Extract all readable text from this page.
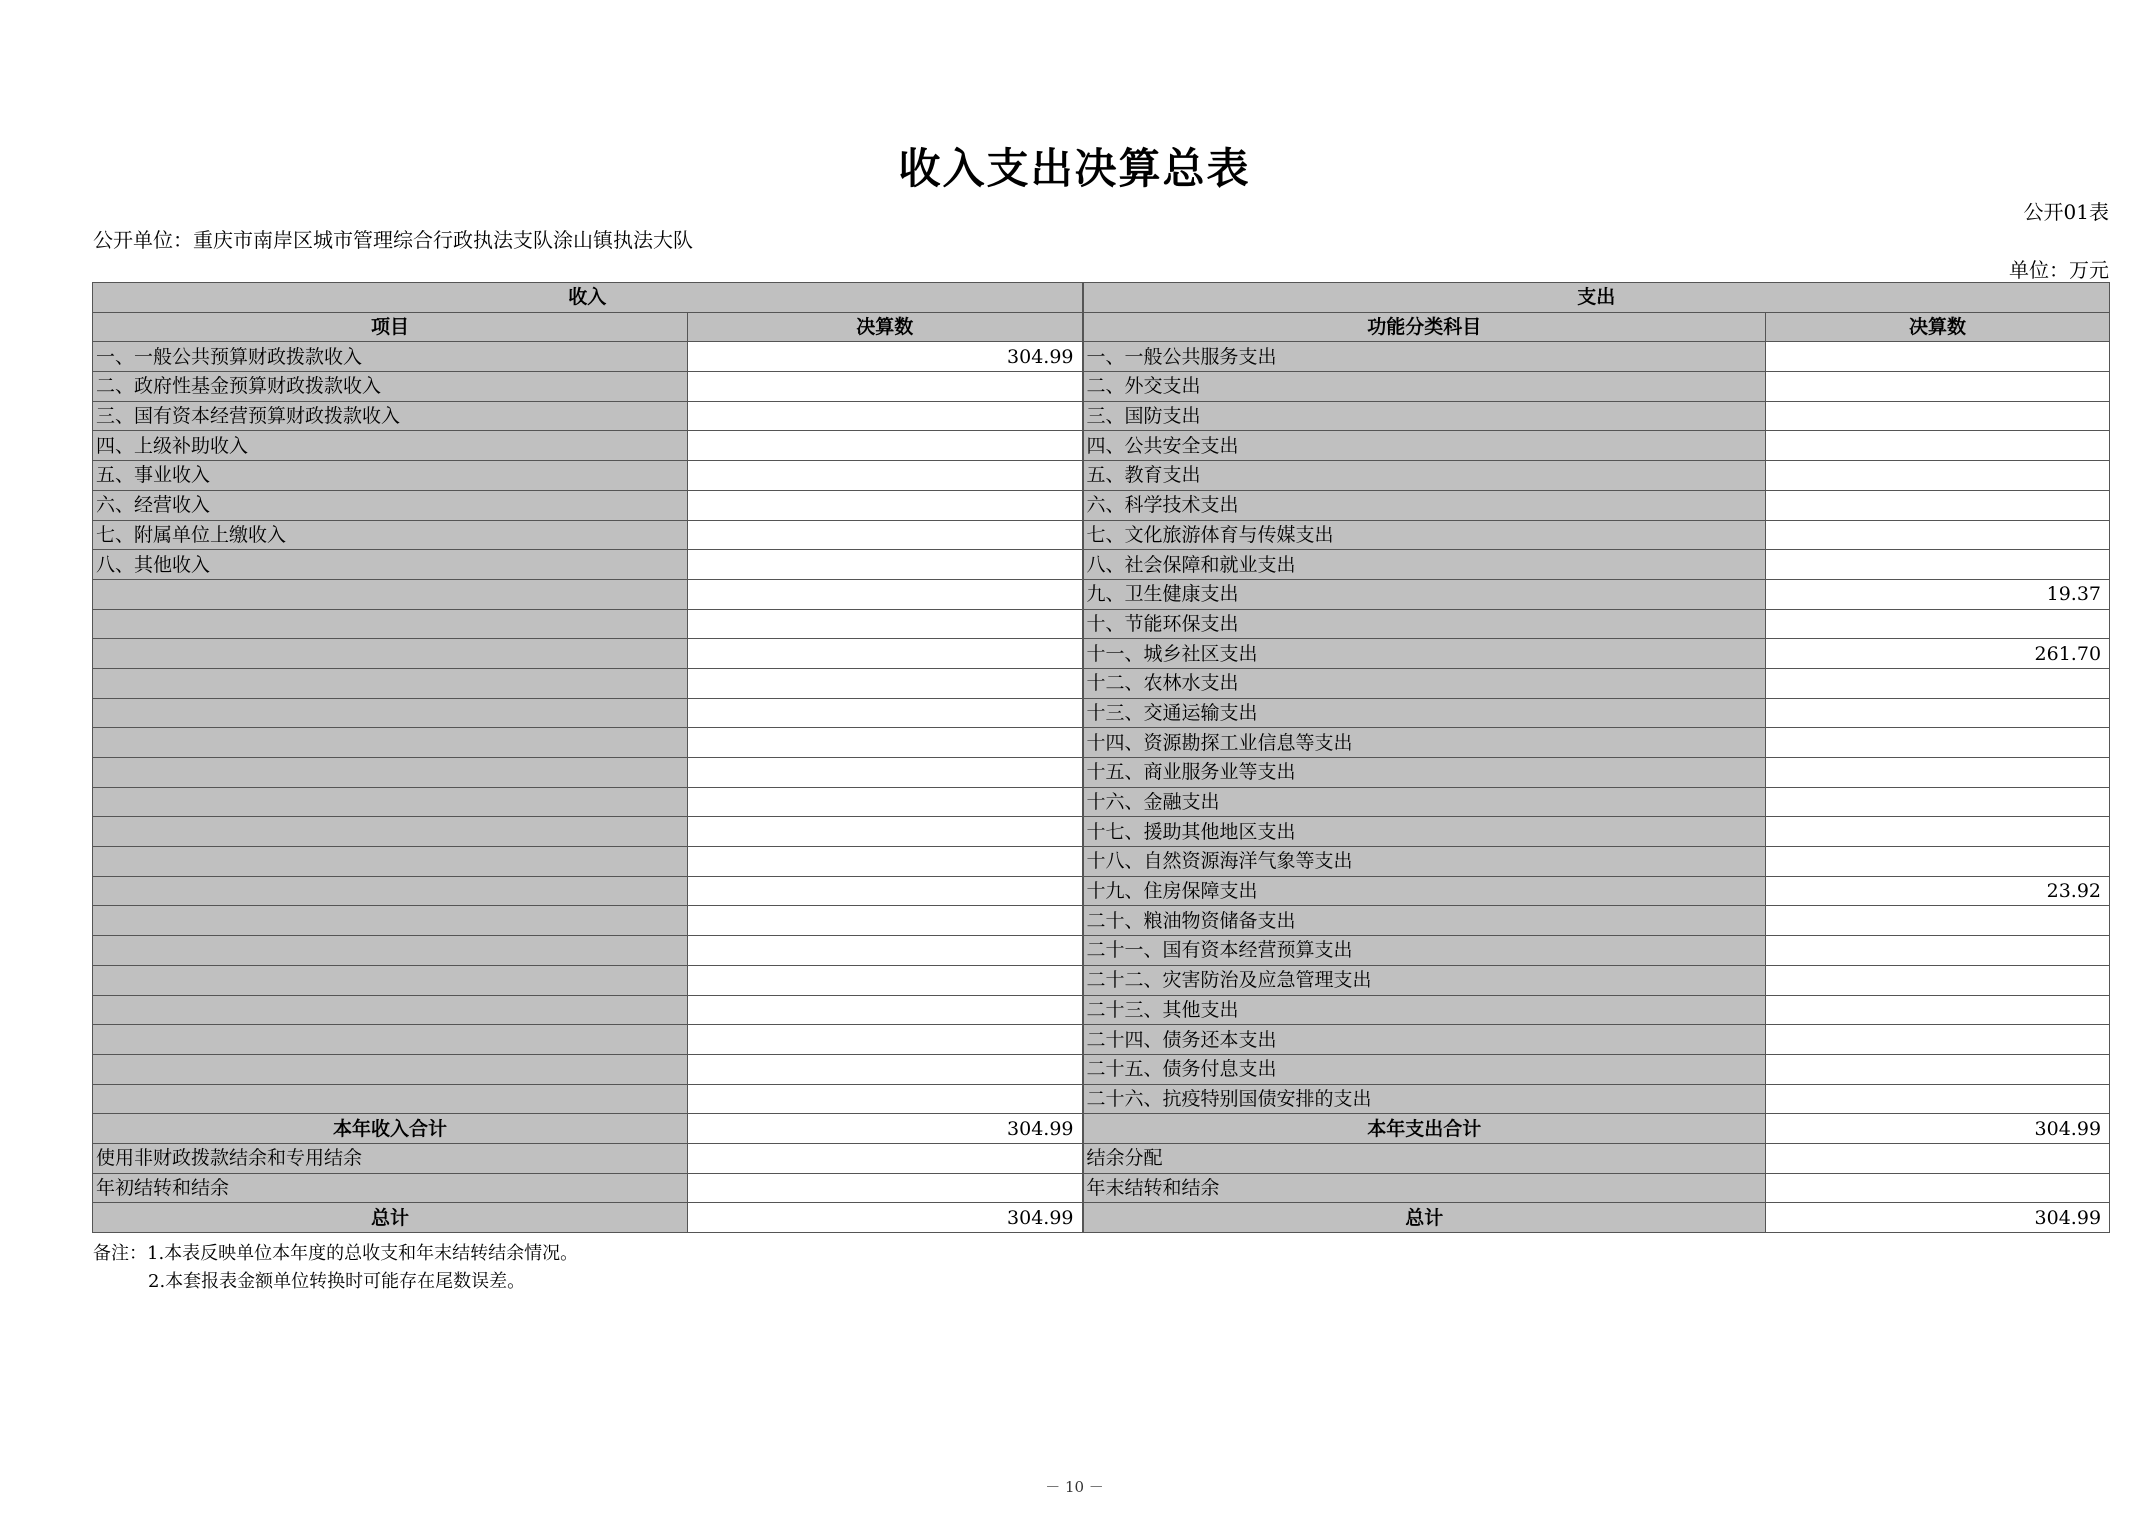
收入支出决算总表
公开01表
公开单位：重庆市南岸区城市管理综合行政执法支队涂山镇执法大队
单位：万元
收入		支出	
项目	决算数	功能分类科目	决算数
一、一般公共预算财政拨款收入	304.99	一、一般公共服务支出	
二、政府性基金预算财政拨款收入		二、外交支出	
三、国有资本经营预算财政拨款收入		三、国防支出	
四、上级补助收入		四、公共安全支出	
五、事业收入		五、教育支出	
六、经营收入		六、科学技术支出	
七、附属单位上缴收入		七、文化旅游体育与传媒支出	
八、其他收入		八、社会保障和就业支出	
		九、卫生健康支出	19.37
		十、节能环保支出	
		十一、城乡社区支出	261.70
		十二、农林水支出	
		十三、交通运输支出	
		十四、资源勘探工业信息等支出	
		十五、商业服务业等支出	
		十六、金融支出	
		十七、援助其他地区支出	
		十八、自然资源海洋气象等支出	
		十九、住房保障支出	23.92
		二十、粮油物资储备支出	
		二十一、国有资本经营预算支出	
		二十二、灾害防治及应急管理支出	
		二十三、其他支出	
		二十四、债务还本支出	
		二十五、债务付息支出	
		二十六、抗疫特别国债安排的支出	
本年收入合计	304.99	本年支出合计	304.99
使用非财政拨款结余和专用结余		结余分配	
年初结转和结余		年末结转和结余	
总计	304.99	总计	304.99
备注：1.本表反映单位本年度的总收支和年末结转结余情况。
2.本套报表金额单位转换时可能存在尾数误差。
－ 10 －
